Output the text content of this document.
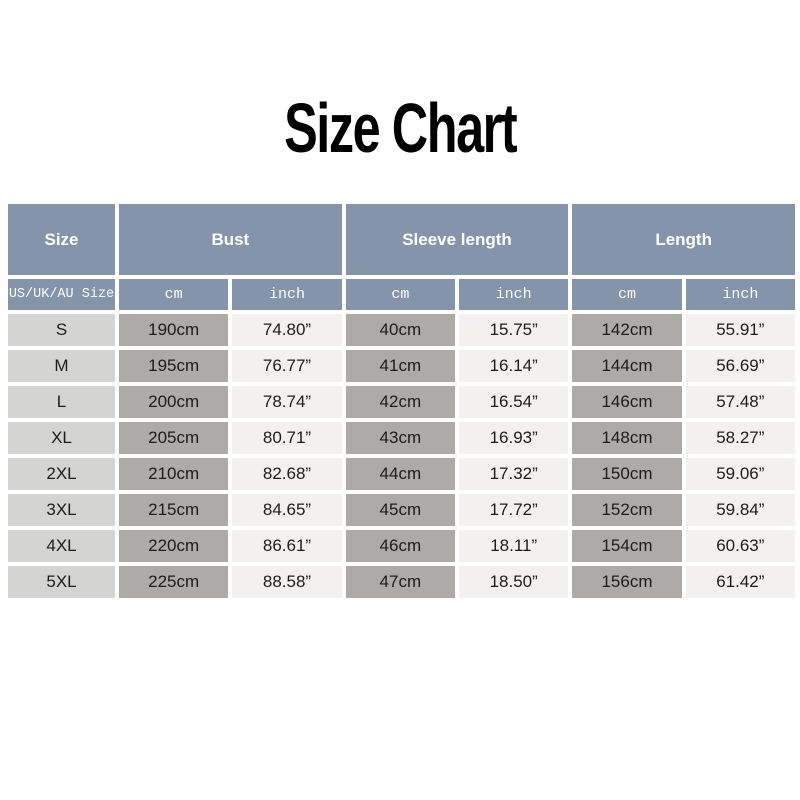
Size Chart
Size	Bust	Sleeve length	Length
US/UK/AU Size	cm	inch	cm	inch	cm	inch
S	190cm	74.80”	40cm	15.75”	142cm	55.91”
M	195cm	76.77”	41cm	16.14”	144cm	56.69”
L	200cm	78.74”	42cm	16.54”	146cm	57.48”
XL	205cm	80.71”	43cm	16.93”	148cm	58.27”
2XL	210cm	82.68”	44cm	17.32”	150cm	59.06”
3XL	215cm	84.65”	45cm	17.72”	152cm	59.84”
4XL	220cm	86.61”	46cm	18.11”	154cm	60.63”
5XL	225cm	88.58”	47cm	18.50”	156cm	61.42”
